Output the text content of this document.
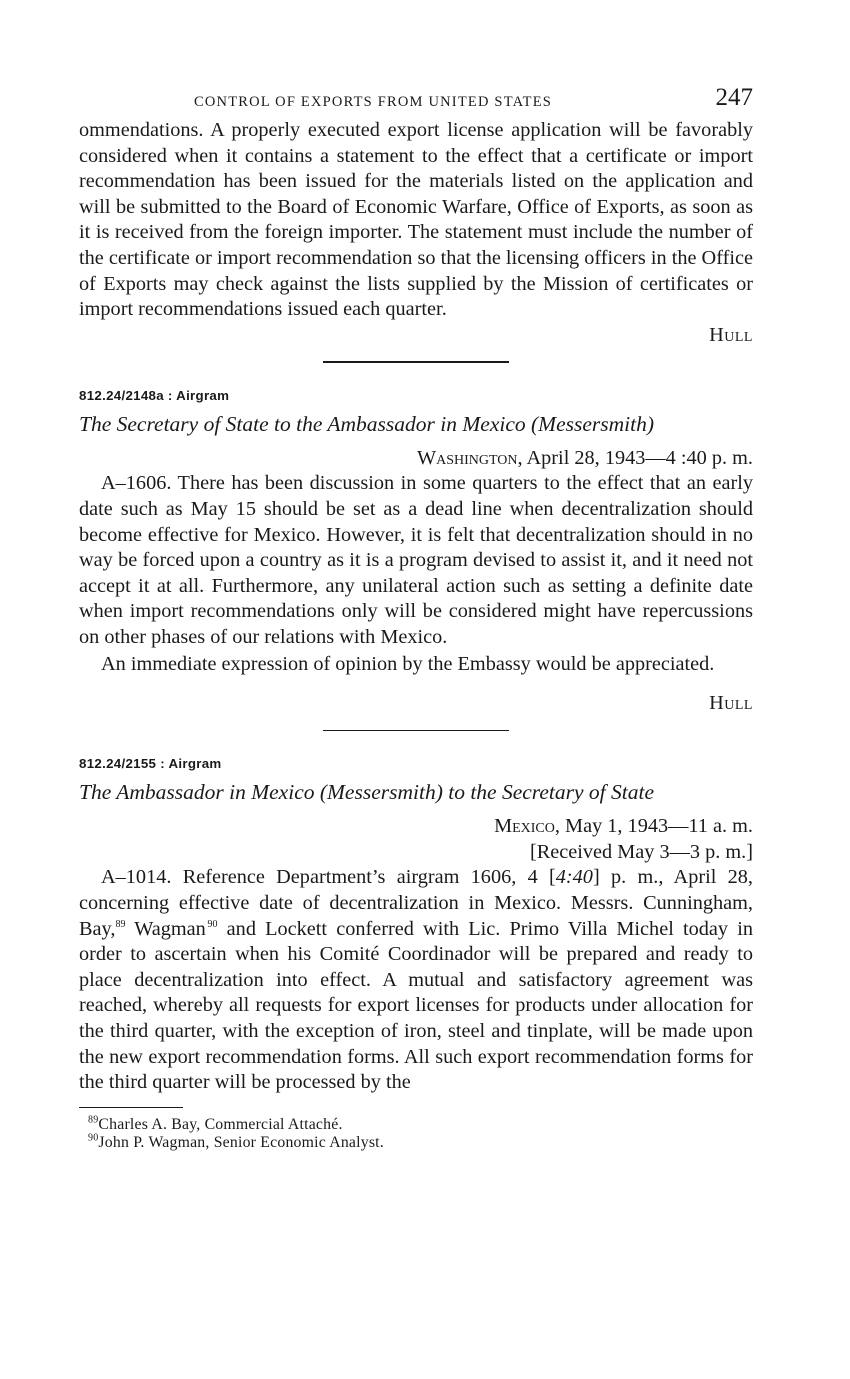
CONTROL OF EXPORTS FROM UNITED STATES	247

ommendations. A properly executed export license application will be favorably considered when it contains a statement to the effect that a certificate or import recommendation has been issued for the materials listed on the application and will be submitted to the Board of Economic Warfare, Office of Exports, as soon as it is received from the foreign importer. The statement must include the number of the certificate or import recommendation so that the licensing officers in the Office of Exports may check against the lists supplied by the Mission of certificates or import recommendations issued each quarter.

Hull
812.24/2148a : Airgram
The Secretary of State to the Ambassador in Mexico (Messersmith)
Washington, April 28, 1943—4 :40 p. m.

A–1606. There has been discussion in some quarters to the effect that an early date such as May 15 should be set as a dead line when decentralization should become effective for Mexico. However, it is felt that decentralization should in no way be forced upon a country as it is a program devised to assist it, and it need not accept it at all. Furthermore, any unilateral action such as setting a definite date when import recommendations only will be considered might have repercussions on other phases of our relations with Mexico.

An immediate expression of opinion by the Embassy would be appreciated.

Hull
812.24/2155 : Airgram
The Ambassador in Mexico (Messersmith) to the Secretary of State
Mexico, May 1, 1943—11 a. m.
[Received May 3—3 p. m.]

A–1014. Reference Department’s airgram 1606, 4 [4:40] p. m., April 28, concerning effective date of decentralization in Mexico. Messrs. Cunningham, Bay,$^{89}$ Wagman  $^{90}$ and Lockett conferred with Lic. Primo Villa Michel today in order to ascertain when his Comité Coordinador will be prepared and ready to place decentralization into effect. A mutual and satisfactory agreement was reached, whereby all requests for export licenses for products under allocation for the third quarter, with the exception of iron, steel and tinplate, will be made upon the new export recommendation forms. All such export recommendation forms for the third quarter will be processed by the

$^{89}$Charles A. Bay, Commercial Attaché.
$^{90}$John P. Wagman, Senior Economic Analyst.
